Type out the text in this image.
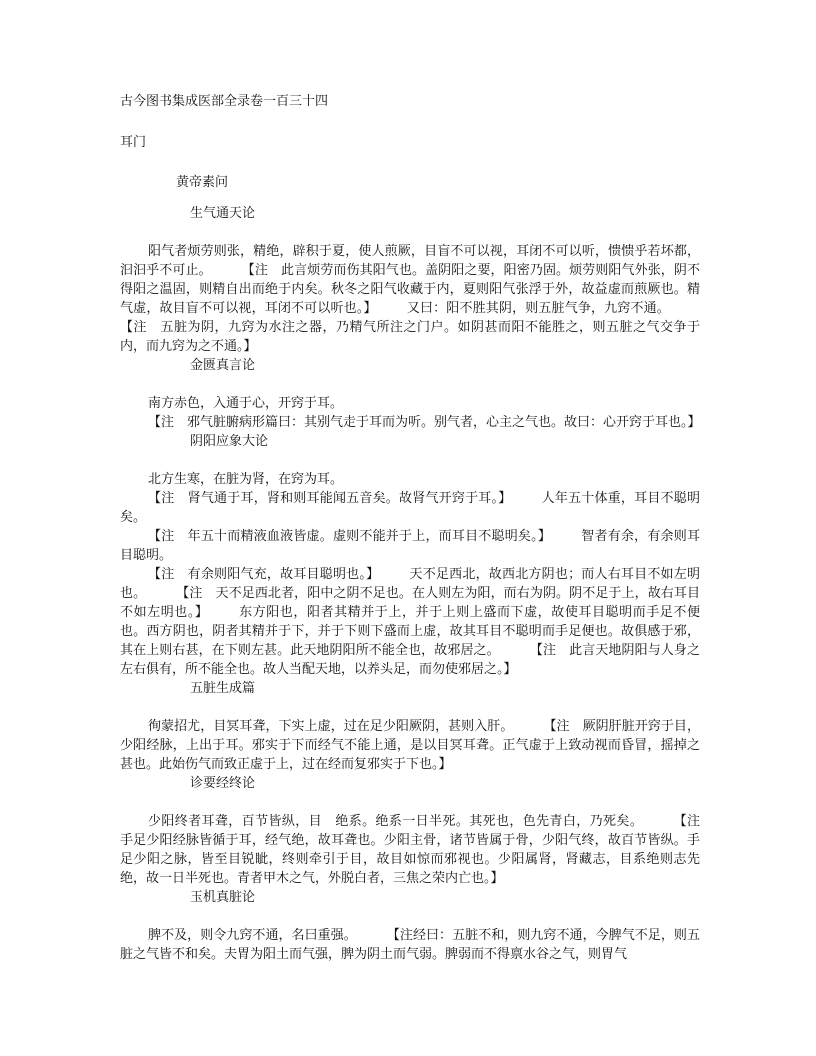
古今图书集成医部全录卷一百三十四
耳门
黄帝素问
生气通天论

阳气者烦劳则张，精绝，辟积于夏，使人煎厥，目盲不可以视，耳闭不可以听，愦愦乎若坏都，汩汩乎不可止。 【注　此言烦劳而伤其阳气也。盖阴阳之要，阳密乃固。烦劳则阳气外张，阴不得阳之温固，则精自出而绝于内矣。秋冬之阳气收藏于内，夏则阳气张浮于外，故益虚而煎厥也。精气虚，故目盲不可以视，耳闭不可以听也。】 又曰：阳不胜其阴，则五脏气争，九窍不通。【注　五脏为阴，九窍为水注之器，乃精气所注之门户。如阴甚而阳不能胜之，则五脏之气交争于内，而九窍为之不通。】

金匮真言论

南方赤色，入通于心，开窍于耳。

【注　邪气脏腑病形篇曰：其别气走于耳而为听。别气者，心主之气也。故曰：心开窍于耳也。】

阴阳应象大论

北方生寒，在脏为肾，在窍为耳。

【注　肾气通于耳，肾和则耳能闻五音矣。故肾气开窍于耳。】 人年五十体重，耳目不聪明矣。

【注　年五十而精液血液皆虚。虚则不能并于上，而耳目不聪明矣。】 智者有余，有余则耳目聪明。

【注　有余则阳气充，故耳目聪明也。】 天不足西北，故西北方阴也；而人右耳目不如左明也。 【注　天不足西北者，阳中之阴不足也。在人则左为阳，而右为阴。阴不足于上，故右耳目不如左明也。】 东方阳也，阳者其精并于上，并于上则上盛而下虚，故使耳目聪明而手足不便也。西方阴也，阴者其精并于下，并于下则下盛而上虚，故其耳目不聪明而手足便也。故俱感于邪，其在上则右甚，在下则左甚。此天地阴阳所不能全也，故邪居之。 【注　此言天地阴阳与人身之左右俱有，所不能全也。故人当配天地，以养头足，而勿使邪居之。】

五脏生成篇

徇蒙招尤，目冥耳聋，下实上虚，过在足少阳厥阴，甚则入肝。 【注　厥阴肝脏开窍于目，少阳经脉，上出于耳。邪实于下而经气不能上通，是以目冥耳聋。正气虚于上致动视而昏冒，摇掉之甚也。此始伤气而致正虚于上，过在经而复邪实于下也。】

诊要经终论

少阳终者耳聋，百节皆纵，目　绝系。绝系一日半死。其死也，色先青白，乃死矣。 【注　手足少阳经脉皆循于耳，经气绝，故耳聋也。少阳主骨，诸节皆属于骨，少阳气终，故百节皆纵。手足少阳之脉，皆至目锐眦，终则牵引于目，故目如惊而邪视也。少阳属肾，肾藏志，目系绝则志先绝，故一日半死也。青者甲木之气，外脱白者，三焦之荣内亡也。】

玉机真脏论

脾不及，则令九窍不通，名曰重强。 【注经曰：五脏不和，则九窍不通，今脾气不足，则五脏之气皆不和矣。夫胃为阳土而气强，脾为阴土而气弱。脾弱而不得禀水谷之气，则胃气
